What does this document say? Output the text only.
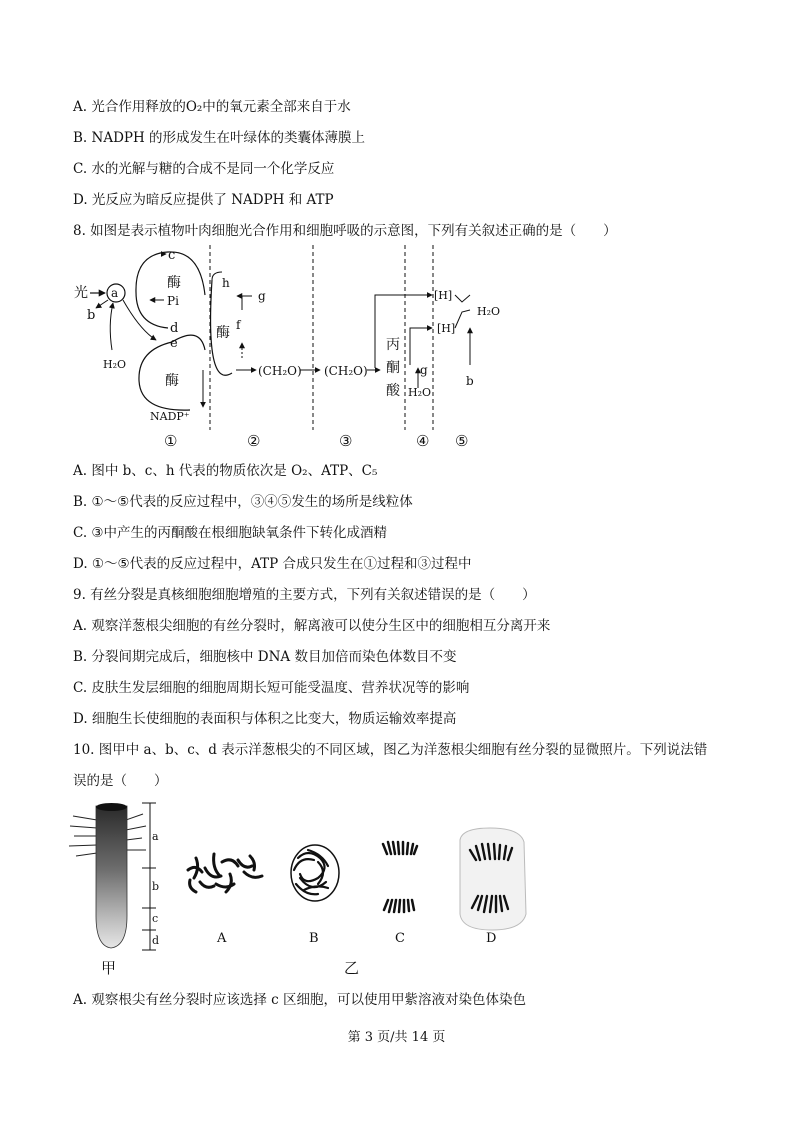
A. 光合作用释放的O₂中的氧元素全部来自于水
B. NADPH 的形成发生在叶绿体的类囊体薄膜上
C. 水的光解与糖的合成不是同一个化学反应
D. 光反应为暗反应提供了 NADPH 和 ATP
8. 如图是表示植物叶肉细胞光合作用和细胞呼吸的示意图，下列有关叙述正确的是（　　）
光 a
b
H₂O
c
酶
Pi
d
e
酶
NADP⁺
h
g
f
酶
(CH₂O) (CH₂O)
丙
酮
酸
[H]
[H]
g
H₂O
H₂O
b
①	②	③	④ ⑤
A. 图中 b、c、h 代表的物质依次是 O₂、ATP、C₅
B. ①～⑤代表的反应过程中，③④⑤发生的场所是线粒体
C. ③中产生的丙酮酸在根细胞缺氧条件下转化成酒精
D. ①～⑤代表的反应过程中，ATP 合成只发生在①过程和③过程中
9. 有丝分裂是真核细胞细胞增殖的主要方式，下列有关叙述错误的是（　　）
A. 观察洋葱根尖细胞的有丝分裂时，解离液可以使分生区中的细胞相互分离开来
B. 分裂间期完成后，细胞核中 DNA 数目加倍而染色体数目不变
C. 皮肤生发层细胞的细胞周期长短可能受温度、营养状况等的影响
D. 细胞生长使细胞的表面积与体积之比变大，物质运输效率提高
10. 图甲中 a、b、c、d 表示洋葱根尖的不同区域，图乙为洋葱根尖细胞有丝分裂的显微照片。下列说法错
误的是（　　）
a
b
c
d
甲
A	B	C	D
乙
A. 观察根尖有丝分裂时应该选择 c 区细胞，可以使用甲紫溶液对染色体染色
第 3 页/共 14 页
